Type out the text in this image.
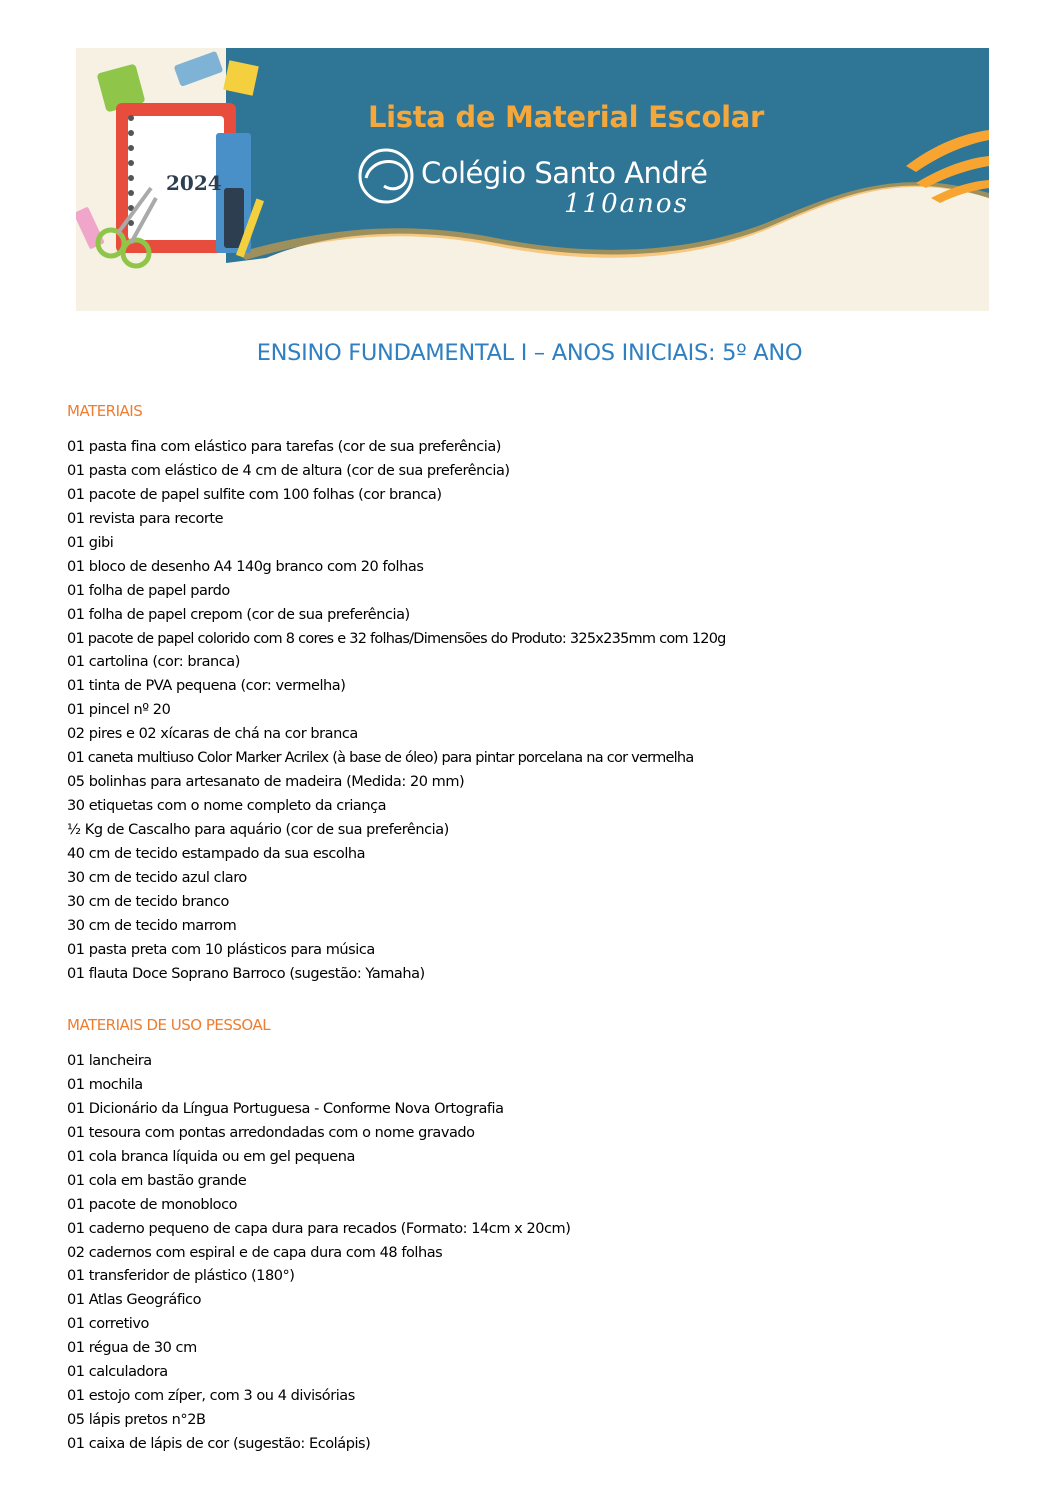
2024
Lista de Material Escolar
Colégio Santo André
110anos
ENSINO FUNDAMENTAL I – ANOS INICIAIS: 5º ANO
MATERIAIS
01 pasta fina com elástico para tarefas (cor de sua preferência)
01 pasta com elástico de 4 cm de altura (cor de sua preferência)
01 pacote de papel sulfite com 100 folhas (cor branca)
01 revista para recorte
01 gibi
01 bloco de desenho A4 140g branco com 20 folhas
01 folha de papel pardo
01 folha de papel crepom (cor de sua preferência)
01 pacote de papel colorido com 8 cores e 32 folhas/Dimensões do Produto: 325x235mm com 120g
01 cartolina (cor: branca)
01 tinta de PVA pequena (cor: vermelha)
01 pincel nº 20
02 pires e 02 xícaras de chá na cor branca
01 caneta multiuso Color Marker Acrilex (à base de óleo) para pintar porcelana na cor vermelha
05 bolinhas para artesanato de madeira (Medida: 20 mm)
30 etiquetas com o nome completo da criança
½ Kg de Cascalho para aquário (cor de sua preferência)
40 cm de tecido estampado da sua escolha
30 cm de tecido azul claro
30 cm de tecido branco
30 cm de tecido marrom
01 pasta preta com 10 plásticos para música
01 flauta Doce Soprano Barroco (sugestão: Yamaha)
MATERIAIS DE USO PESSOAL
01 lancheira
01 mochila
01 Dicionário da Língua Portuguesa - Conforme Nova Ortografia
01 tesoura com pontas arredondadas com o nome gravado
01 cola branca líquida ou em gel pequena
01 cola em bastão grande
01 pacote de monobloco
01 caderno pequeno de capa dura para recados (Formato: 14cm x 20cm)
02 cadernos com espiral e de capa dura com 48 folhas
01 transferidor de plástico (180°)
01 Atlas Geográfico
01 corretivo
01 régua de 30 cm
01 calculadora
01 estojo com zíper, com 3 ou 4 divisórias
05 lápis pretos n°2B
01 caixa de lápis de cor (sugestão: Ecolápis)
